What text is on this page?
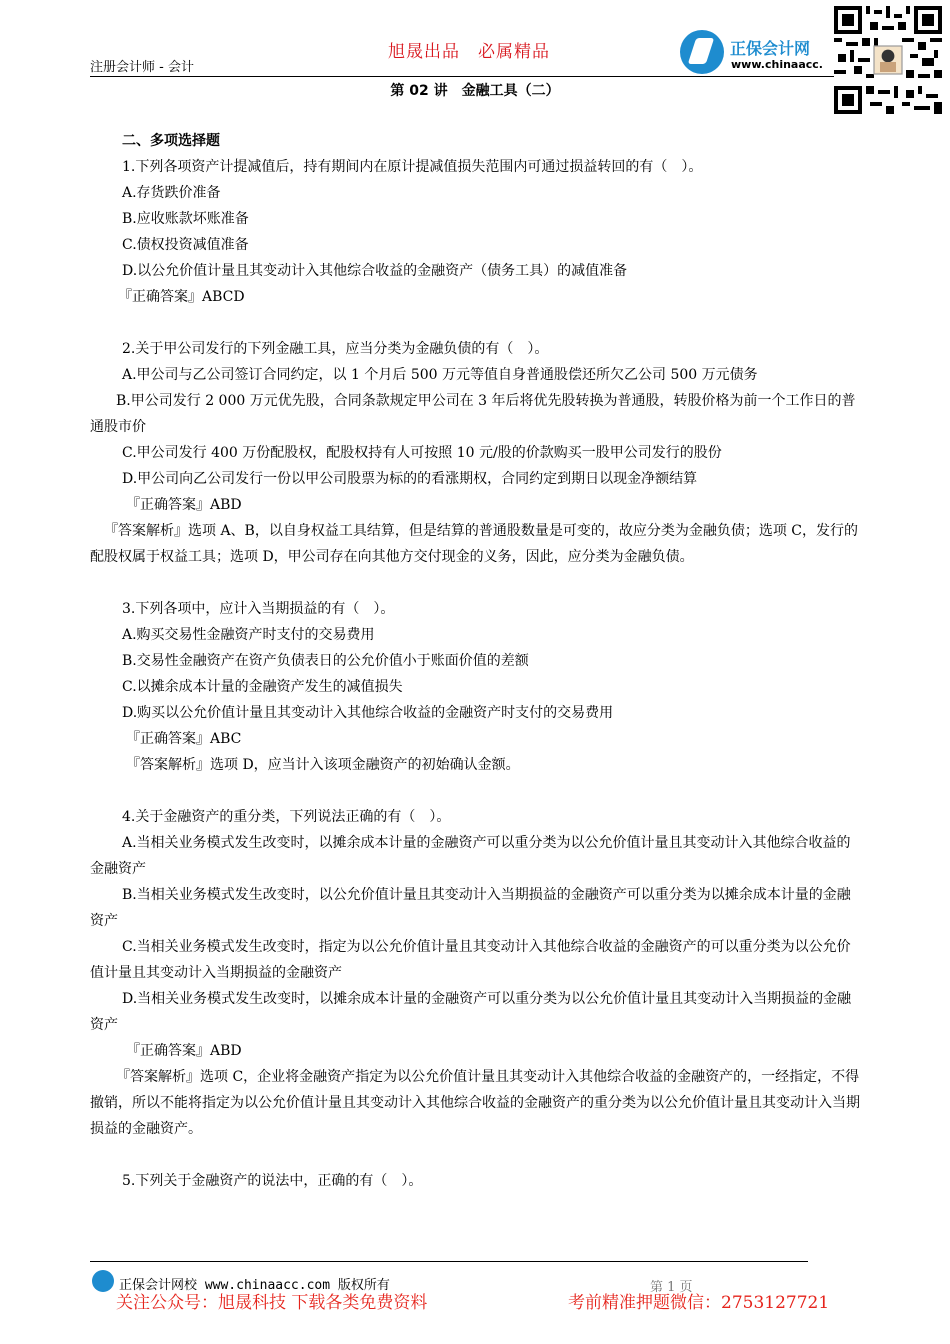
注册会计师 - 会计
旭晟出品　必属精品	正保会计网
www.chinaacc.
第 02 讲　金融工具（二）
二、多项选择题

1.下列各项资产计提减值后，持有期间内在原计提减值损失范围内可通过损益转回的有（　）。

A.存货跌价准备

B.应收账款坏账准备

C.债权投资减值准备

D.以公允价值计量且其变动计入其他综合收益的金融资产（债务工具）的减值准备

『正确答案』ABCD

2.关于甲公司发行的下列金融工具，应当分类为金融负债的有（　）。

A.甲公司与乙公司签订合同约定，以 1 个月后 500 万元等值自身普通股偿还所欠乙公司 500 万元债务

B.甲公司发行 2 000 万元优先股，合同条款规定甲公司在 3 年后将优先股转换为普通股，转股价格为前一个工作日的普通股市价

C.甲公司发行 400 万份配股权，配股权持有人可按照 10 元/股的价款购买一股甲公司发行的股份

D.甲公司向乙公司发行一份以甲公司股票为标的的看涨期权，合同约定到期日以现金净额结算

『正确答案』ABD

『答案解析』选项 A、B，以自身权益工具结算，但是结算的普通股数量是可变的，故应分类为金融负债；选项 C，发行的配股权属于权益工具；选项 D，甲公司存在向其他方交付现金的义务，因此，应分类为金融负债。

3.下列各项中，应计入当期损益的有（　）。

A.购买交易性金融资产时支付的交易费用

B.交易性金融资产在资产负债表日的公允价值小于账面价值的差额

C.以摊余成本计量的金融资产发生的减值损失

D.购买以公允价值计量且其变动计入其他综合收益的金融资产时支付的交易费用

『正确答案』ABC

『答案解析』选项 D，应当计入该项金融资产的初始确认金额。

4.关于金融资产的重分类，下列说法正确的有（　）。

A.当相关业务模式发生改变时，以摊余成本计量的金融资产可以重分类为以公允价值计量且其变动计入其他综合收益的金融资产

B.当相关业务模式发生改变时，以公允价值计量且其变动计入当期损益的金融资产可以重分类为以摊余成本计量的金融资产

C.当相关业务模式发生改变时，指定为以公允价值计量且其变动计入其他综合收益的金融资产的可以重分类为以公允价值计量且其变动计入当期损益的金融资产

D.当相关业务模式发生改变时，以摊余成本计量的金融资产可以重分类为以公允价值计量且其变动计入当期损益的金融资产

『正确答案』ABD

『答案解析』选项 C，企业将金融资产指定为以公允价值计量且其变动计入其他综合收益的金融资产的，一经指定，不得撤销，所以不能将指定为以公允价值计量且其变动计入其他综合收益的金融资产的重分类为以公允价值计量且其变动计入当期损益的金融资产。

5.下列关于金融资产的说法中，正确的有（　）。

正保会计网校 www.chinaacc.com 版权所有	第 1 页
关注公众号：旭晟科技 下载各类免费资料	考前精准押题微信：2753127721
